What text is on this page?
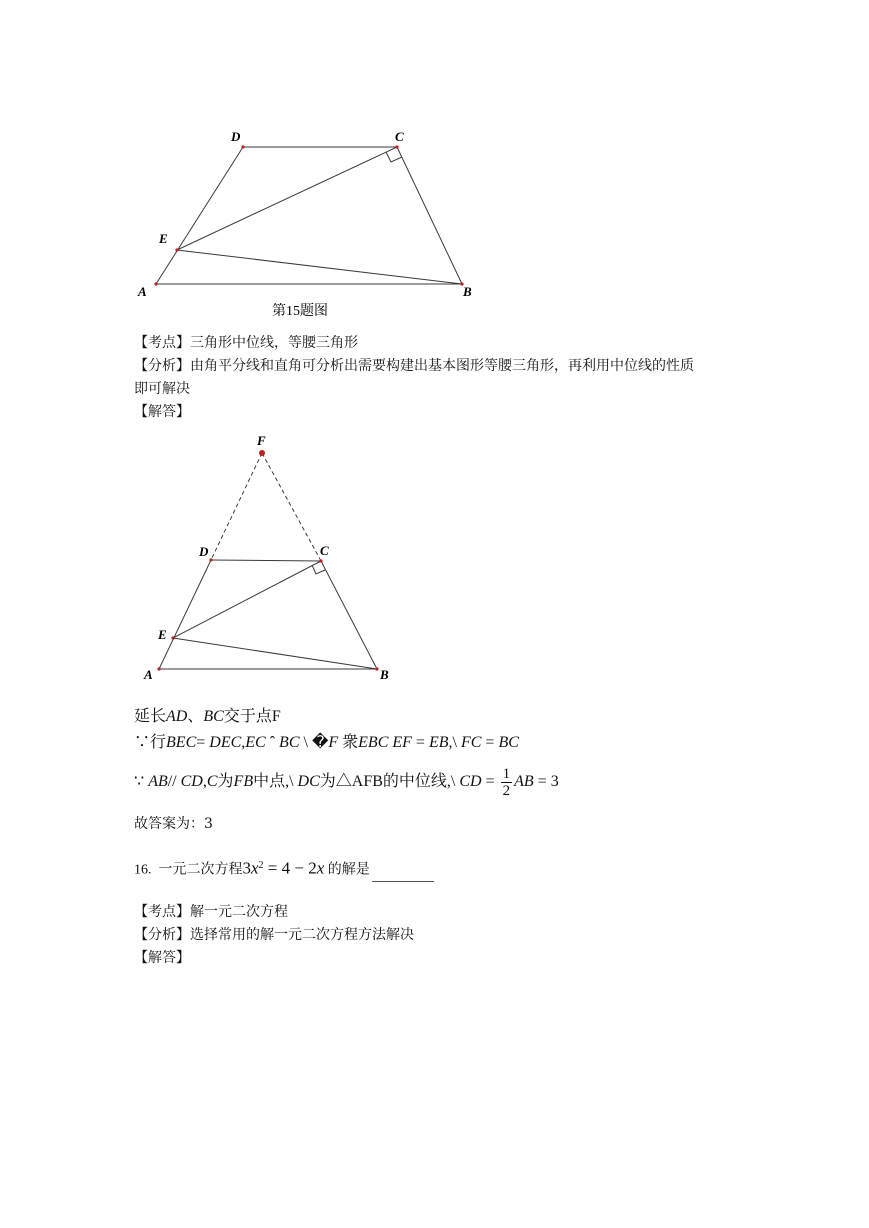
D	C
E
A	B
第15题图
【考点】三角形中位线，等腰三角形
【分析】由角平分线和直角可分析出需要构建出基本图形等腰三角形，再利用中位线的性质
即可解决
【解答】
F
D	C
E
A	B
延长AD、BC交于点F
∵行BEC= DEC,EC ˆ BC \ �F 衆EBC EF = EB,\ FC = BC
∵ AB// CD,C为FB中点,\ DC为△AFB的中位线,\ CD = $\frac{1}{2}$ AB = 3
故答案为：3
16. 一元二次方程$3x^2 = 4 - 2x$ 的解是
【考点】解一元二次方程
【分析】选择常用的解一元二次方程方法解决
【解答】
